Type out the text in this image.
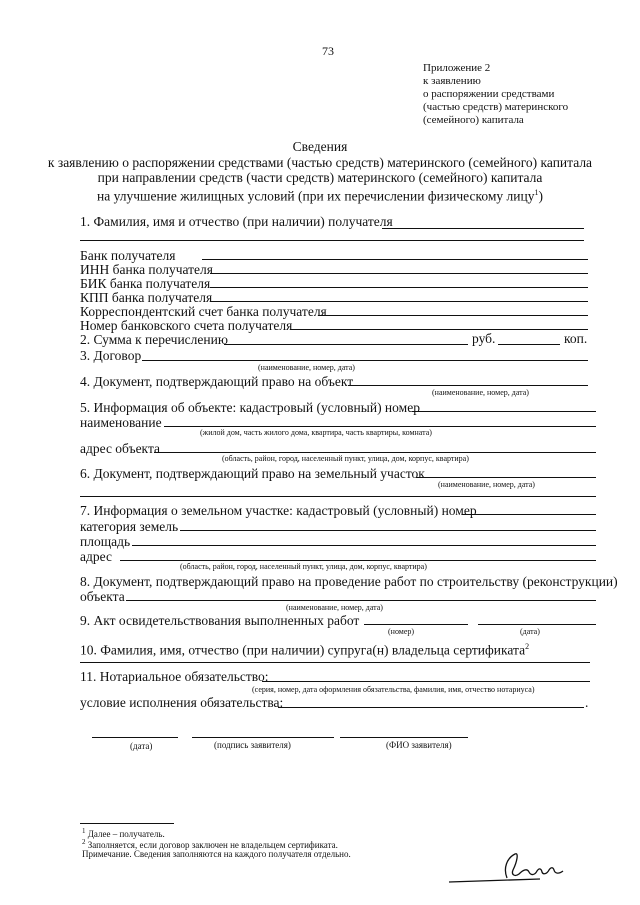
73
Приложение 2
к заявлению
о распоряжении средствами
(частью средств) материнского
(семейного) капитала
Сведения
к заявлению о распоряжении средствами (частью средств) материнского (семейного) капитала
при направлении средств (части средств) материнского (семейного) капитала
на улучшение жилищных условий (при их перечислении физическому лицу$^1$)
1. Фамилия, имя и отчество (при наличии) получателя
Банк получателя
ИНН банка получателя
БИК банка получателя
КПП банка получателя
Корреспондентский счет банка получателя
Номер банковского счета получателя
2. Сумма к перечислению	руб.	коп.
3. Договор
(наименование, номер, дата)
4. Документ, подтверждающий право на объект
(наименование, номер, дата)
5. Информация об объекте: кадастровый (условный) номер
наименование
(жилой дом, часть жилого дома, квартира, часть квартиры, комната)
адрес объекта
(область, район, город, населенный пункт, улица, дом, корпус, квартира)
6. Документ, подтверждающий право на земельный участок
(наименование, номер, дата)
7. Информация о земельном участке: кадастровый (условный) номер
категория земель
площадь
адрес
(область, район, город, населенный пункт, улица, дом, корпус, квартира)
8. Документ, подтверждающий право на проведение работ по строительству (реконструкции)
объекта
(наименование, номер, дата)
9. Акт освидетельствования выполненных работ
(номер)	(дата)
10. Фамилия, имя, отчество (при наличии) супруга(н) владельца сертификата$^2$
11. Нотариальное обязательство:
(серия, номер, дата оформления обязательства, фамилия, имя, отчество нотариуса)
условие исполнения обязательства:	.
(дата)	(подпись заявителя)	(ФИО заявителя)
$^1$ Далее – получатель.
$^2$ Заполняется, если договор заключен не владельцем сертификата.
Примечание. Сведения заполняются на каждого получателя отдельно.
